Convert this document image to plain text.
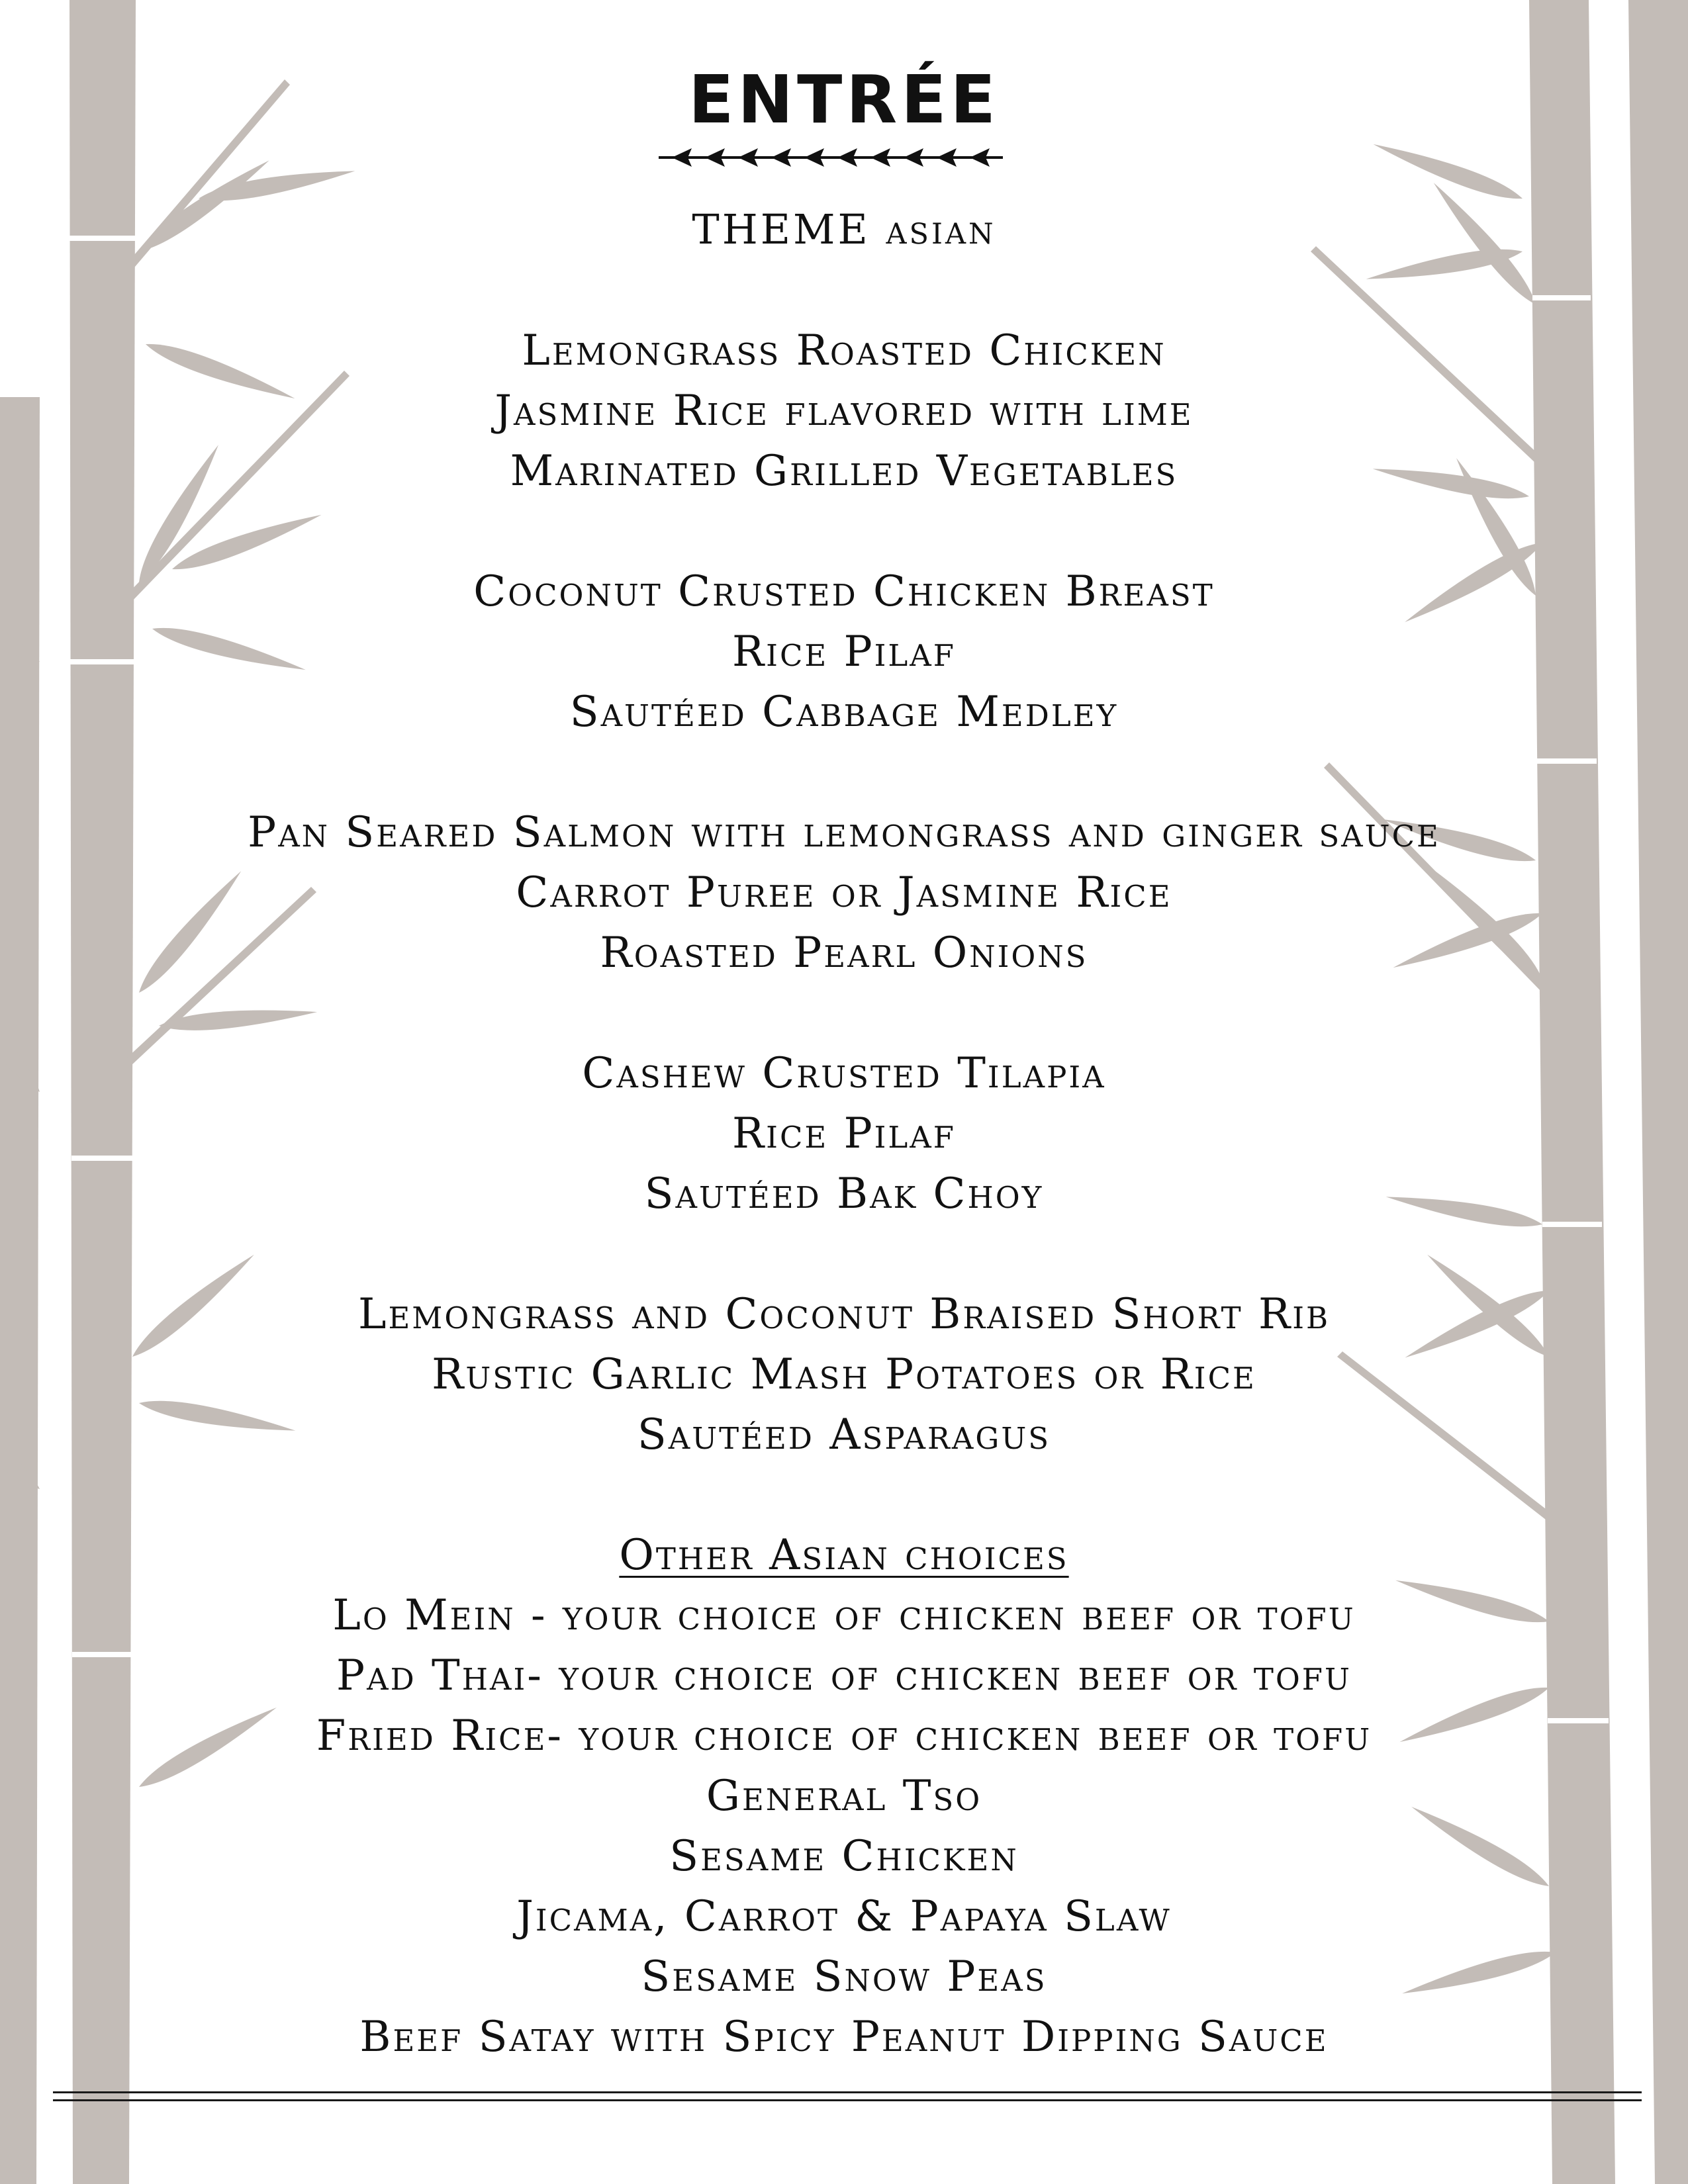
ENTRÉE
THEME asian
Lemongrass Roasted Chicken
Jasmine Rice flavored with lime
Marinated Grilled Vegetables
Coconut Crusted Chicken Breast
Rice Pilaf
Sautéed Cabbage Medley
Pan Seared Salmon with lemongrass and ginger sauce
Carrot Puree or Jasmine Rice
Roasted Pearl Onions
Cashew Crusted Tilapia
Rice Pilaf
Sautéed Bak Choy
Lemongrass and Coconut Braised Short Rib
Rustic Garlic Mash Potatoes or Rice
Sautéed Asparagus
Other Asian choices
Lo Mein - your choice of chicken beef or tofu
Pad Thai- your choice of chicken beef or tofu
Fried Rice- your choice of chicken beef or tofu
General Tso
Sesame Chicken
Jicama, Carrot & Papaya Slaw
Sesame Snow Peas
Beef Satay with Spicy Peanut Dipping Sauce
